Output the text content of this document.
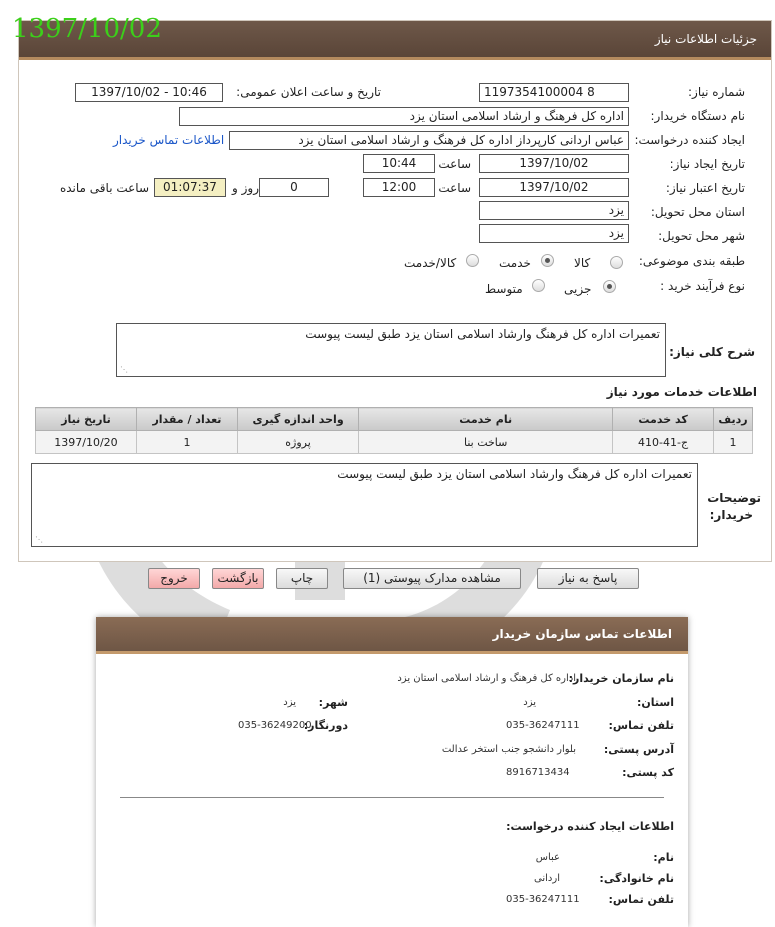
1397/10/02	جزئیات اطلاعات نیاز
شماره نیاز:
1197354100004 8
تاریخ و ساعت اعلان عمومی:
1397/10/02 - 10:46
نام دستگاه خریدار:
اداره کل فرهنگ و ارشاد اسلامی استان یزد
ایجاد کننده درخواست:
عباس اردانی کارپرداز اداره کل فرهنگ و ارشاد اسلامی استان یزد
اطلاعات تماس خریدار
تاریخ ایجاد نیاز:
1397/10/02
ساعت
10:44
تاریخ اعتبار نیاز:
1397/10/02
ساعت
12:00
0
روز و
01:07:37
ساعت باقی مانده
استان محل تحویل:
یزد
شهر محل تحویل:
یزد
طبقه بندی موضوعی:
کالا
خدمت
کالا/خدمت
نوع فرآیند خرید :
جزیی
متوسط
شرح کلی نیاز:
تعمیرات اداره کل فرهنگ وارشاد اسلامی استان یزد طبق لیست پیوست
⋰
اطلاعات خدمات مورد نیاز
ردیف	کد خدمت	نام خدمت	واحد اندازه گیری	تعداد / مقدار	تاریخ نیاز
1	ج-41-410	ساخت بنا	پروژه	1	1397/10/20
توضیحات
خریدار:
تعمیرات اداره کل فرهنگ وارشاد اسلامی استان یزد طبق لیست پیوست
⋰
پاسخ به نیاز
مشاهده مدارک پیوستی (1)
چاپ
بازگشت
خروج
اطلاعات تماس سازمان خریدار
نام سازمان خریدار:
اداره کل فرهنگ و ارشاد اسلامی استان یزد
استان:
یزد
شهر:
یزد
تلفن تماس:
035-36247111
دورنگار:
035-36249200
آدرس پستی:
بلوار دانشجو جنب استخر عدالت
کد پستی:
8916713434
اطلاعات ایجاد کننده درخواست:
نام:
عباس
نام خانوادگی:
اردانی
تلفن تماس:
035-36247111
